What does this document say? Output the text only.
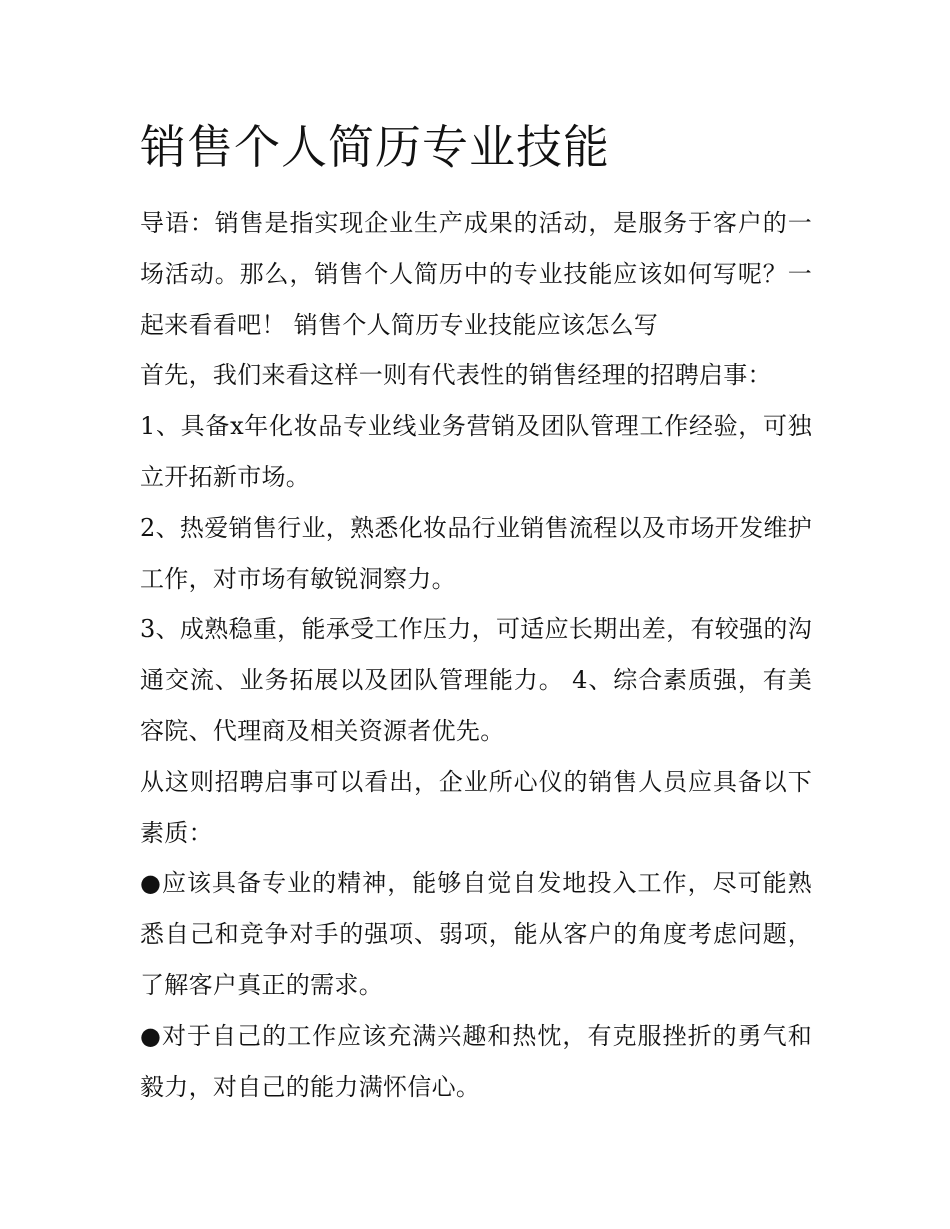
销售个人简历专业技能

导语：销售是指实现企业生产成果的活动，是服务于客户的一场活动。那么，销售个人简历中的专业技能应该如何写呢？一起来看看吧！ 销售个人简历专业技能应该怎么写

首先，我们来看这样一则有代表性的销售经理的招聘启事：

1、具备x年化妆品专业线业务营销及团队管理工作经验，可独立开拓新市场。

2、热爱销售行业，熟悉化妆品行业销售流程以及市场开发维护工作，对市场有敏锐洞察力。

3、成熟稳重，能承受工作压力，可适应长期出差，有较强的沟通交流、业务拓展以及团队管理能力。 4、综合素质强，有美容院、代理商及相关资源者优先。

从这则招聘启事可以看出，企业所心仪的销售人员应具备以下素质：

●应该具备专业的精神，能够自觉自发地投入工作，尽可能熟悉自己和竞争对手的强项、弱项，能从客户的角度考虑问题，了解客户真正的需求。

●对于自己的工作应该充满兴趣和热忱，有克服挫折的勇气和毅力，对自己的能力满怀信心。
